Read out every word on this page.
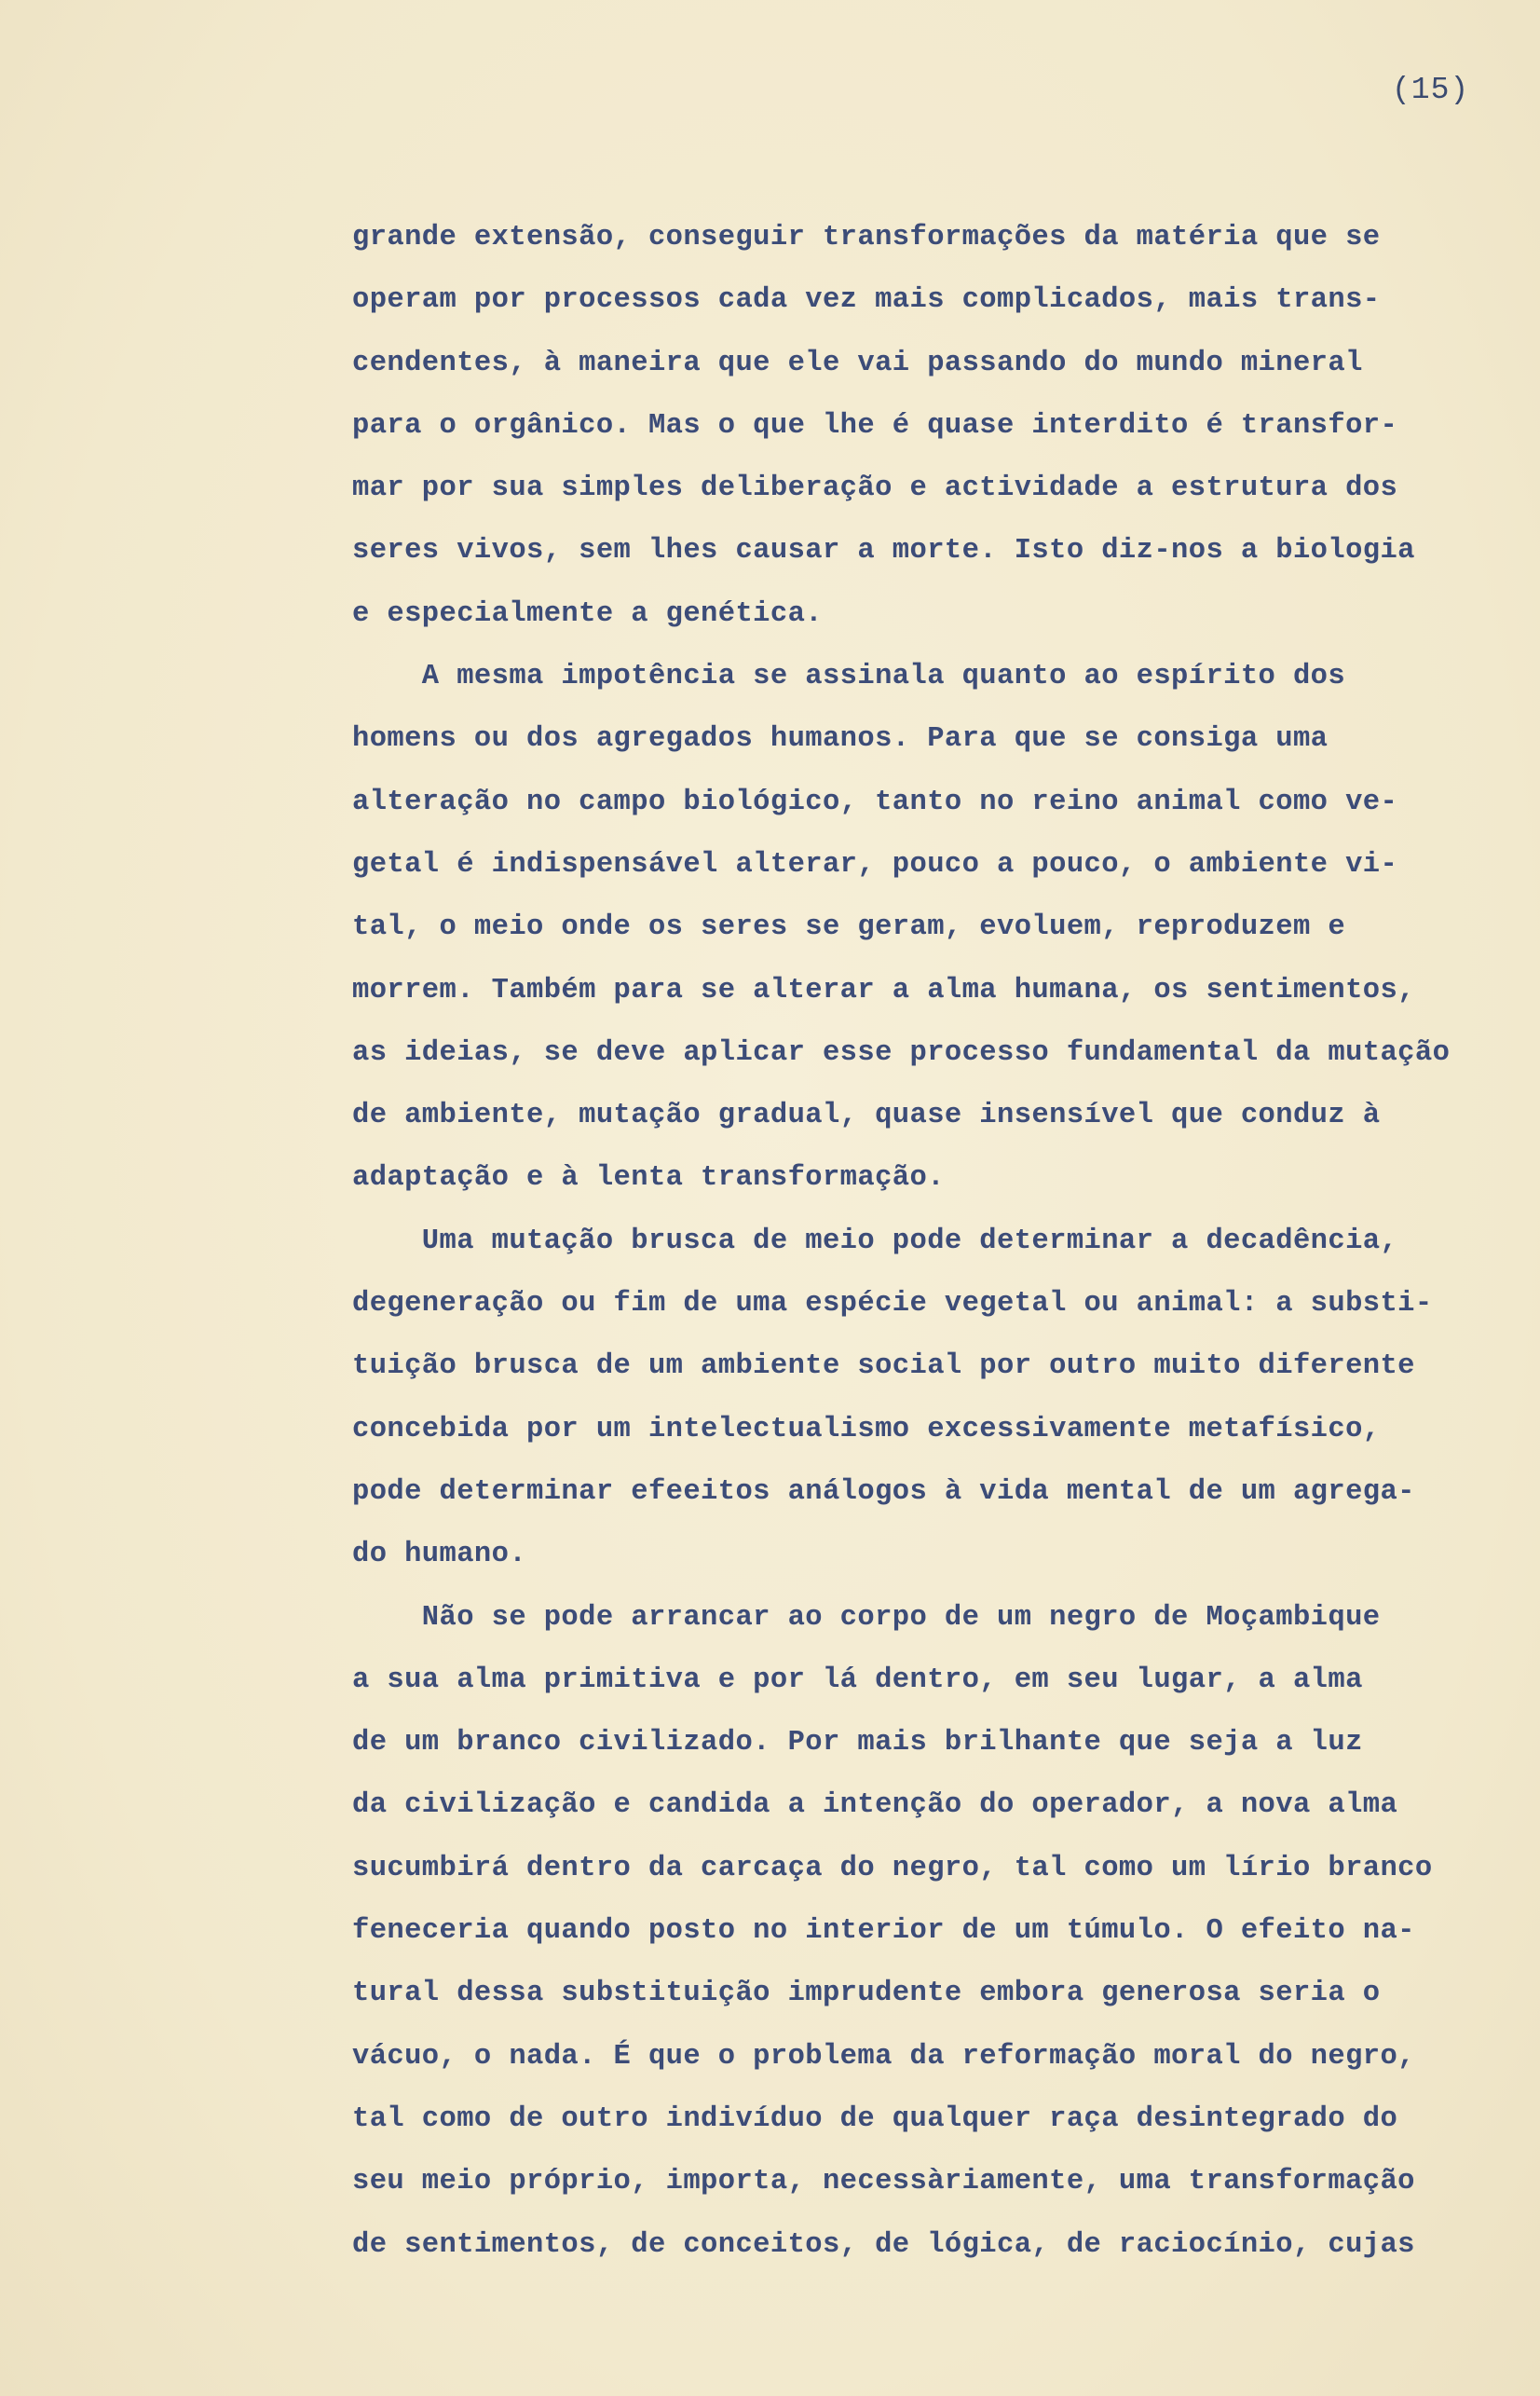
(15)
grande extensão, conseguir transformações da matéria que se
operam por processos cada vez mais complicados, mais trans-
cendentes, à maneira que ele vai passando do mundo mineral
para o orgânico. Mas o que lhe é quase interdito é transfor-
mar por sua simples deliberação e actividade a estrutura dos
seres vivos, sem lhes causar a morte. Isto diz-nos a biologia
e especialmente a genética.
A mesma impotência se assinala quanto ao espírito dos
homens ou dos agregados humanos. Para que se consiga uma
alteração no campo biológico, tanto no reino animal como ve-
getal é indispensável alterar, pouco a pouco, o ambiente vi-
tal, o meio onde os seres se geram, evoluem, reproduzem e
morrem. Também para se alterar a alma humana, os sentimentos,
as ideias, se deve aplicar esse processo fundamental da mutação
de ambiente, mutação gradual, quase insensível que conduz à
adaptação e à lenta transformação.
Uma mutação brusca de meio pode determinar a decadência,
degeneração ou fim de uma espécie vegetal ou animal: a substi-
tuição brusca de um ambiente social por outro muito diferente
concebida por um intelectualismo excessivamente metafísico,
pode determinar efeeitos análogos à vida mental de um agrega-
do humano.
Não se pode arrancar ao corpo de um negro de Moçambique
a sua alma primitiva e por lá dentro, em seu lugar, a alma
de um branco civilizado. Por mais brilhante que seja a luz
da civilização e candida a intenção do operador, a nova alma
sucumbirá dentro da carcaça do negro, tal como um lírio branco
feneceria quando posto no interior de um túmulo. O efeito na-
tural dessa substituição imprudente embora generosa seria o
vácuo, o nada. É que o problema da reformação moral do negro,
tal como de outro indivíduo de qualquer raça desintegrado do
seu meio próprio, importa, necessàriamente, uma transformação
de sentimentos, de conceitos, de lógica, de raciocínio, cujas
